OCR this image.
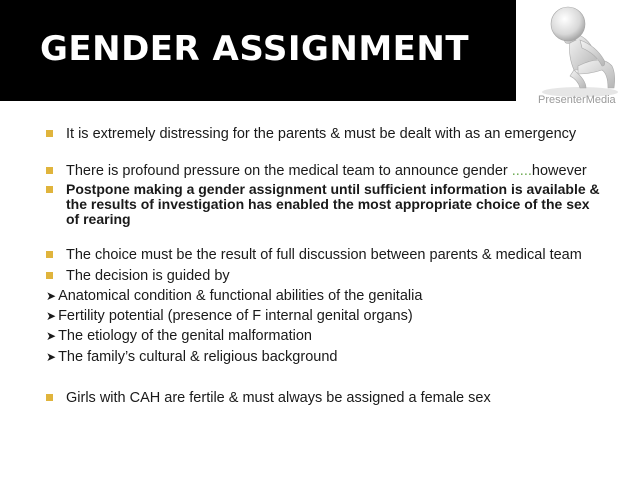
GENDER ASSIGNMENT
PresenterMedia
It is extremely distressing for the parents & must be dealt with as an emergency
There is profound pressure on the medical team to announce gender .....however
Postpone making a gender assignment until sufficient information is available & the results of investigation has enabled the most appropriate choice of the sex of rearing
The choice must be the result of full discussion between parents & medical team
The decision is guided by
➤ Anatomical condition & functional abilities of the genitalia
➤ Fertility potential (presence of F internal genital organs)
➤ The etiology of the genital malformation
➤ The family’s cultural & religious background
Girls with CAH are fertile & must always be assigned a female sex
